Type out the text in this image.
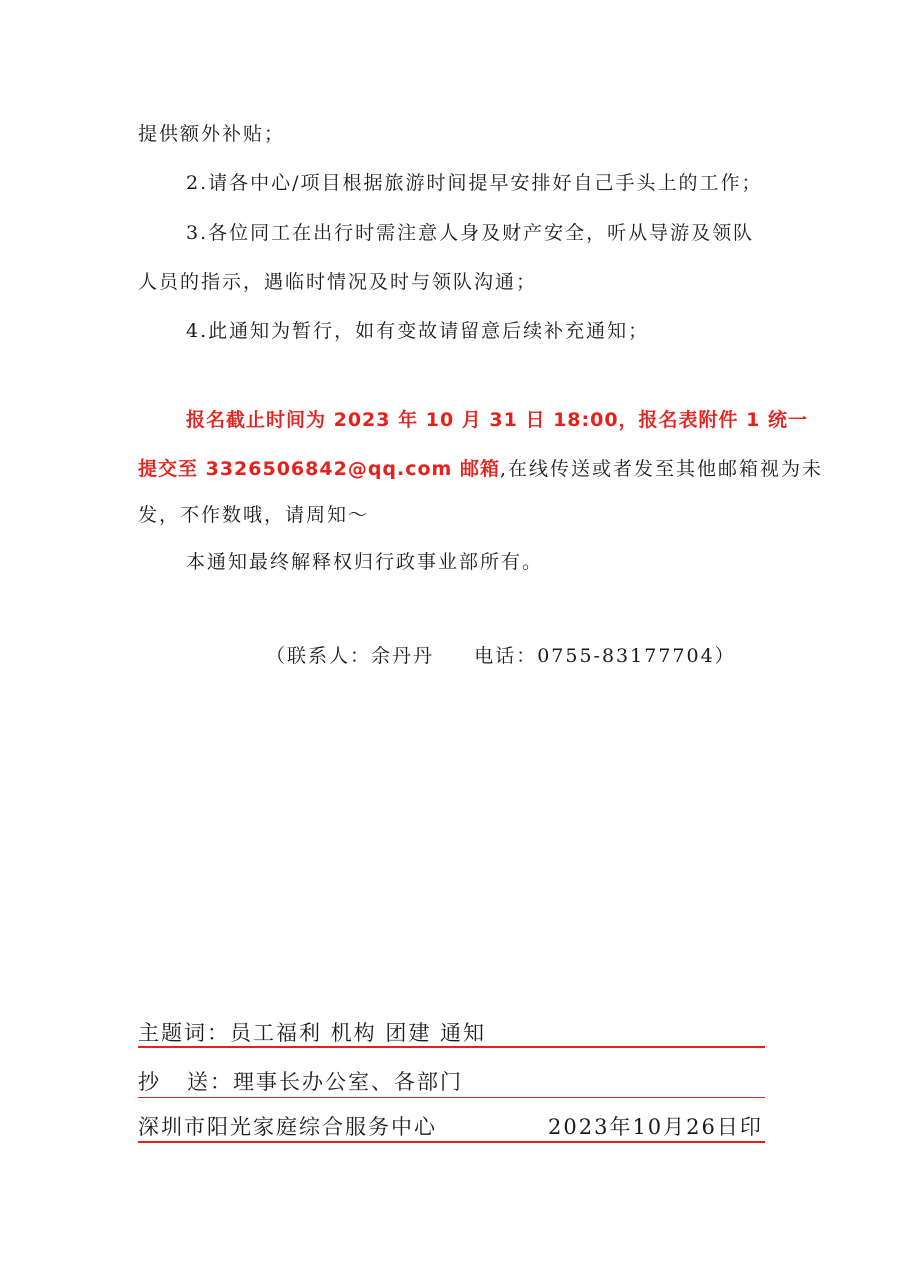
提供额外补贴；
2.请各中心/项目根据旅游时间提早安排好自己手头上的工作；
3.各位同工在出行时需注意人身及财产安全，听从导游及领队
人员的指示，遇临时情况及时与领队沟通；
4.此通知为暂行，如有变故请留意后续补充通知；
报名截止时间为 2023 年 10 月 31 日 18:00，报名表附件 1 统一
提交至 3326506842@qq.com 邮箱,在线传送或者发至其他邮箱视为未
发，不作数哦，请周知～
本通知最终解释权归行政事业部所有。
（联系人：余丹丹     电话：0755-83177704）
主题词：员工福利 机构 团建 通知
抄   送：理事长办公室、各部门
深圳市阳光家庭综合服务中心	2023年10月26日印
